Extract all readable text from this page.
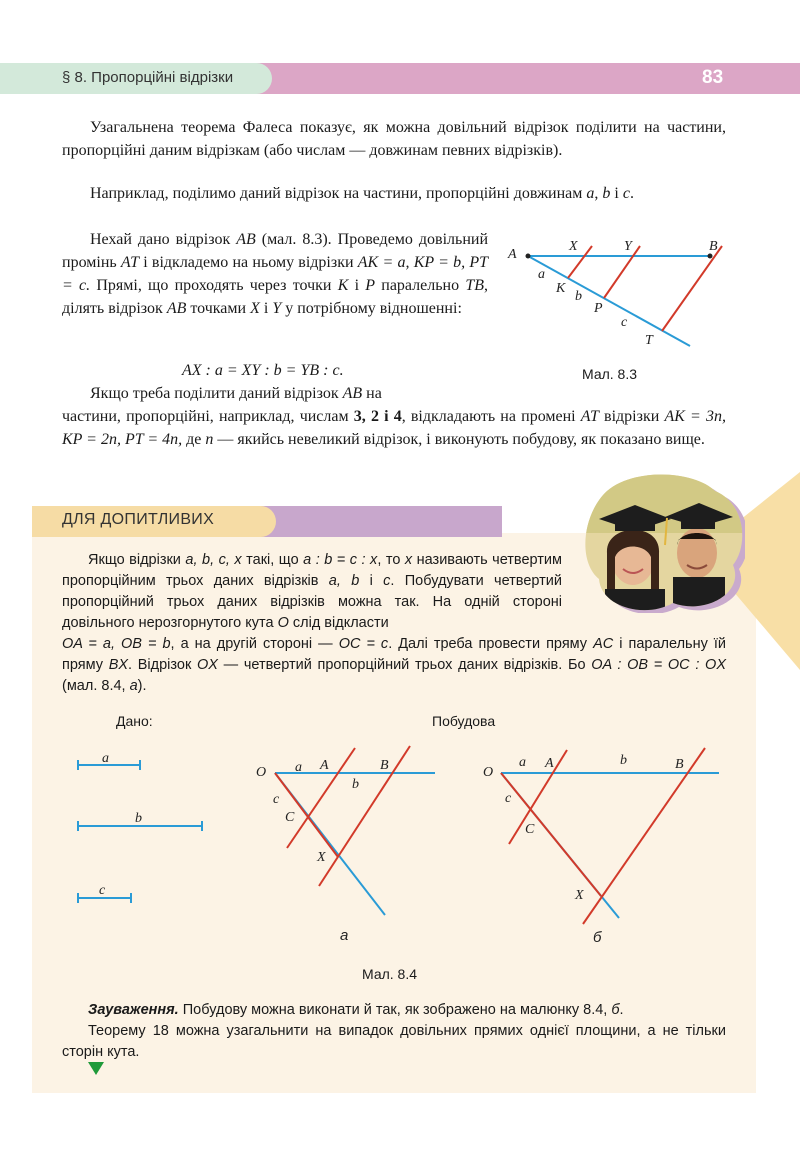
§ 8. Пропорційні відрізки	83

Узагальнена теорема Фалеса показує, як можна довільний відрізок поділити на частини, пропорційні даним відрізкам (або числам — довжинам певних відрізків).

Наприклад, поділимо даний відрізок на частини, пропорційні довжинам a, b і c.

Нехай дано відрізок AB (мал. 8.3). Проведемо довільний промінь AT і відкладемо на ньому відрізки AK = a, KP = b, PT = c. Прямі, що проходять через точки K і P паралельно TB, ділять відрізок AB точками X і Y у потрібному відношенні:

AX : a = XY : b = YB : c.

Якщо треба поділити даний відрізок AB на

частини, пропорційні, наприклад, числам 3, 2 і 4, відкладають на промені AT відрізки AK = 3n, KP = 2n, PT = 4n, де n — якийсь невеликий відрізок, і виконують побудову, як показано вище.

A
X	Y	B
a
K
b
P
c
T
Мал. 8.3
ДЛЯ ДОПИТЛИВИХ

Якщо відрізки a, b, c, x такі, що a : b = c : x, то x називають четвертим пропорційним трьох даних відрізків a, b і c. Побудувати четвертий пропорційний трьох даних відрізків можна так. На одній стороні довільного нерозгорнутого кута O слід відкласти

OA = a, OB = b, а на другій стороні — OC = c. Далі треба провести пряму AC і паралельну їй пряму BX. Відрізок OX — четвертий пропорційний трьох даних відрізків. Бо OA : OB = OC : OX (мал. 8.4, а).

Дано:	Побудова
a
b
c
O a A	B
b
c
C
X
а
O
a A	b	B
c
C
X
б
Мал. 8.4

Зауваження. Побудову можна виконати й так, як зображено на малюнку 8.4, б.

Теорему 18 можна узагальнити на випадок довільних прямих однієї площини, а не тільки сторін кута.
